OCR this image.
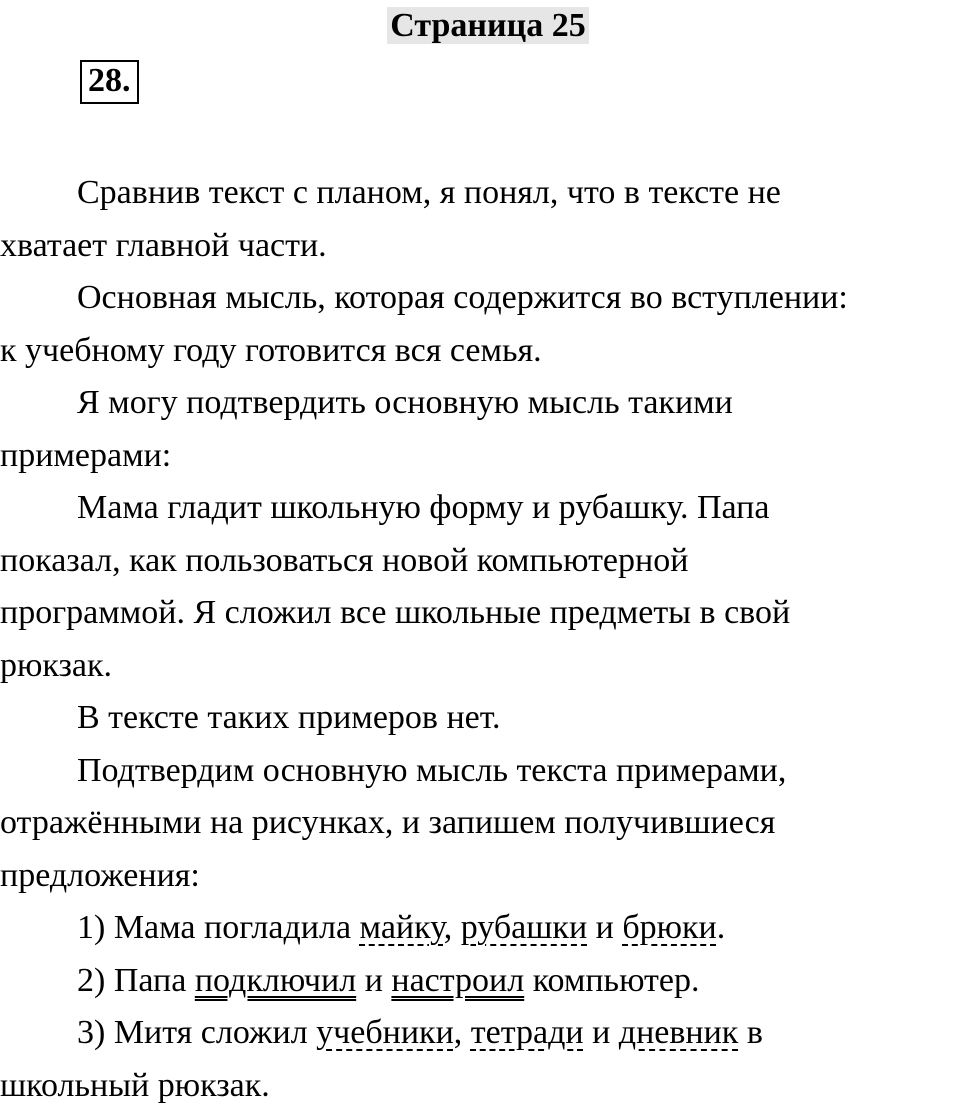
Страница 25
28.

Сравнив текст с планом, я понял, что в тексте не

хватает главной части.

Основная мысль, которая содержится во вступлении:

к учебному году готовится вся семья.

Я могу подтвердить основную мысль такими

примерами:

Мама гладит школьную форму и рубашку. Папа

показал, как пользоваться новой компьютерной

программой. Я сложил все школьные предметы в свой

рюкзак.

В тексте таких примеров нет.

Подтвердим основную мысль текста примерами,

отражёнными на рисунках, и запишем получившиеся

предложения:

1) Мама погладила майку, рубашки и брюки.

2) Папа подключил и настроил компьютер.

3) Митя сложил учебники, тетради и дневник в

школьный рюкзак.
